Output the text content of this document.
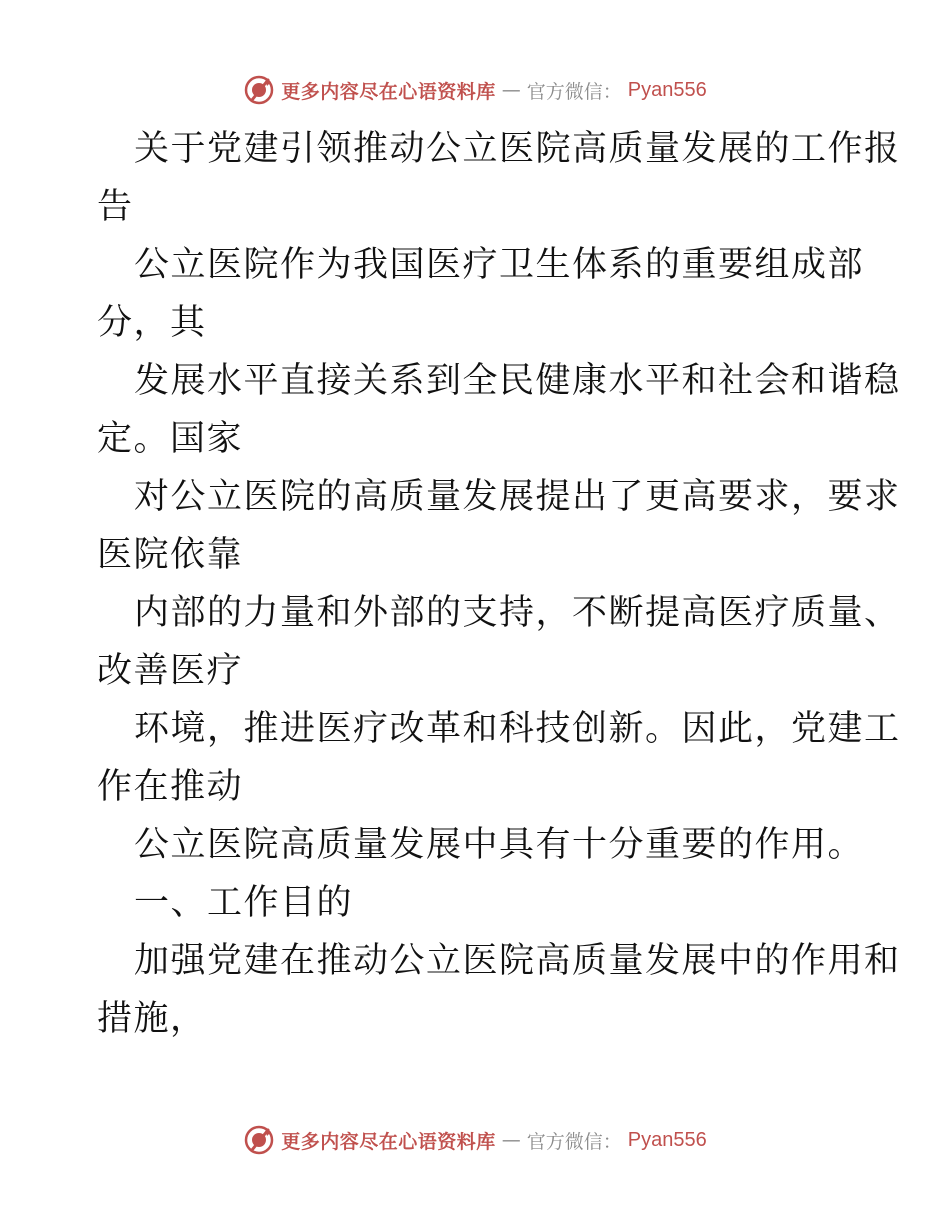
更多内容尽在心语资料库 — 官方微信： Pyan556
关于党建引领推动公立医院高质量发展的工作报
告
公立医院作为我国医疗卫生体系的重要组成部
分，其
发展水平直接关系到全民健康水平和社会和谐稳
定。国家
对公立医院的高质量发展提出了更高要求，要求
医院依靠
内部的力量和外部的支持，不断提高医疗质量、
改善医疗
环境，推进医疗改革和科技创新。因此，党建工
作在推动
公立医院高质量发展中具有十分重要的作用。
一、工作目的
加强党建在推动公立医院高质量发展中的作用和
措施，
更多内容尽在心语资料库 — 官方微信： Pyan556
